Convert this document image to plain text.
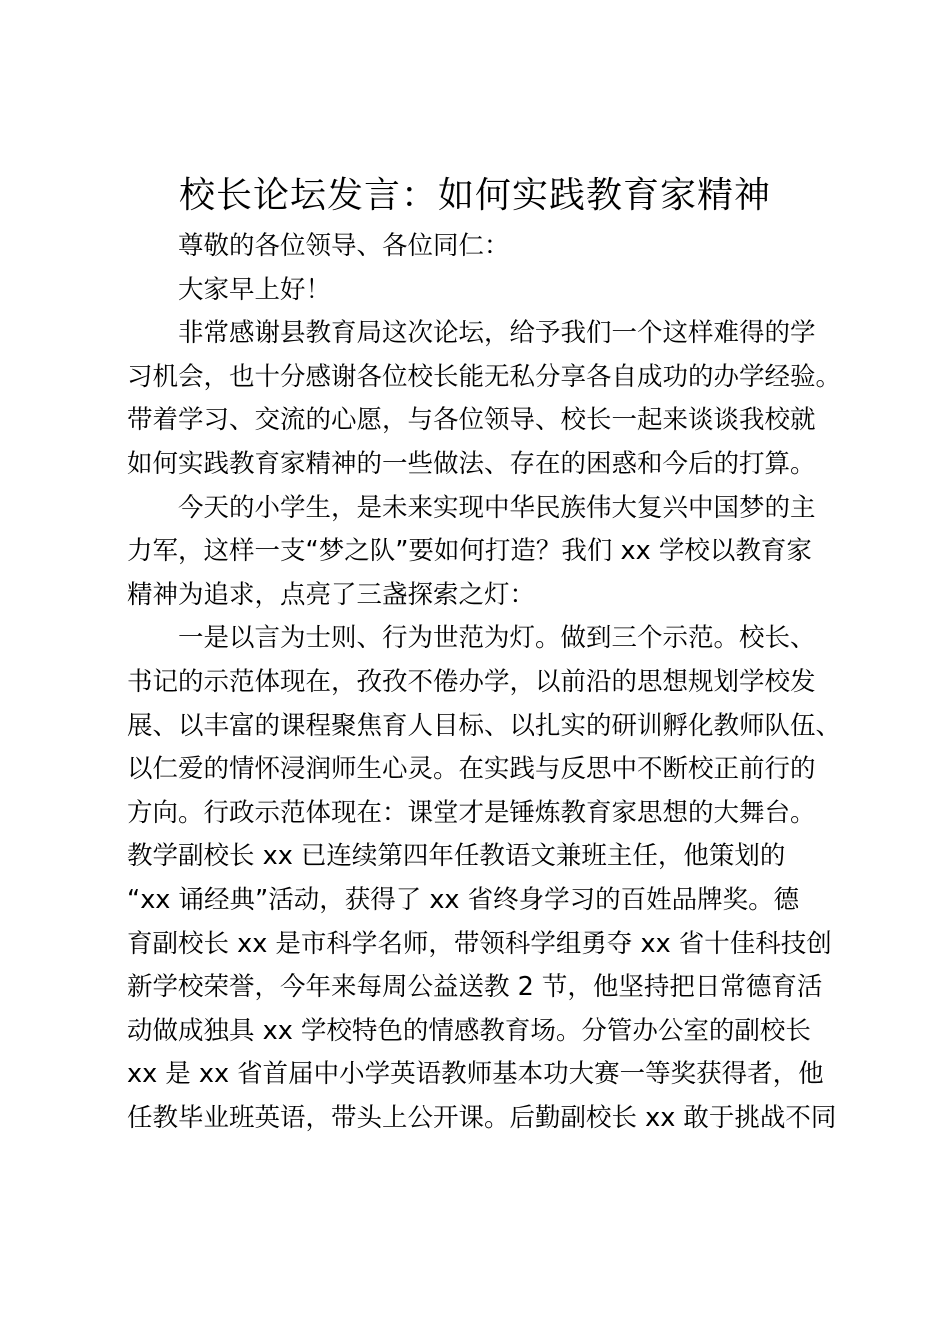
校长论坛发言：如何实践教育家精神
尊敬的各位领导、各位同仁：
大家早上好！
非常感谢县教育局这次论坛，给予我们一个这样难得的学
习机会，也十分感谢各位校长能无私分享各自成功的办学经验。
带着学习、交流的心愿，与各位领导、校长一起来谈谈我校就
如何实践教育家精神的一些做法、存在的困惑和今后的打算。
今天的小学生，是未来实现中华民族伟大复兴中国梦的主
力军，这样一支“梦之队”要如何打造？我们 xx 学校以教育家
精神为追求，点亮了三盏探索之灯：
一是以言为士则、行为世范为灯。做到三个示范。校长、
书记的示范体现在，孜孜不倦办学，以前沿的思想规划学校发
展、以丰富的课程聚焦育人目标、以扎实的研训孵化教师队伍、
以仁爱的情怀浸润师生心灵。在实践与反思中不断校正前行的
方向。行政示范体现在：课堂才是锤炼教育家思想的大舞台。
教学副校长 xx 已连续第四年任教语文兼班主任，他策划的
“xx 诵经典”活动，获得了 xx 省终身学习的百姓品牌奖。德
育副校长 xx 是市科学名师，带领科学组勇夺 xx 省十佳科技创
新学校荣誉，今年来每周公益送教 2 节，他坚持把日常德育活
动做成独具 xx 学校特色的情感教育场。分管办公室的副校长
xx 是 xx 省首届中小学英语教师基本功大赛一等奖获得者，他
任教毕业班英语，带头上公开课。后勤副校长 xx 敢于挑战不同
